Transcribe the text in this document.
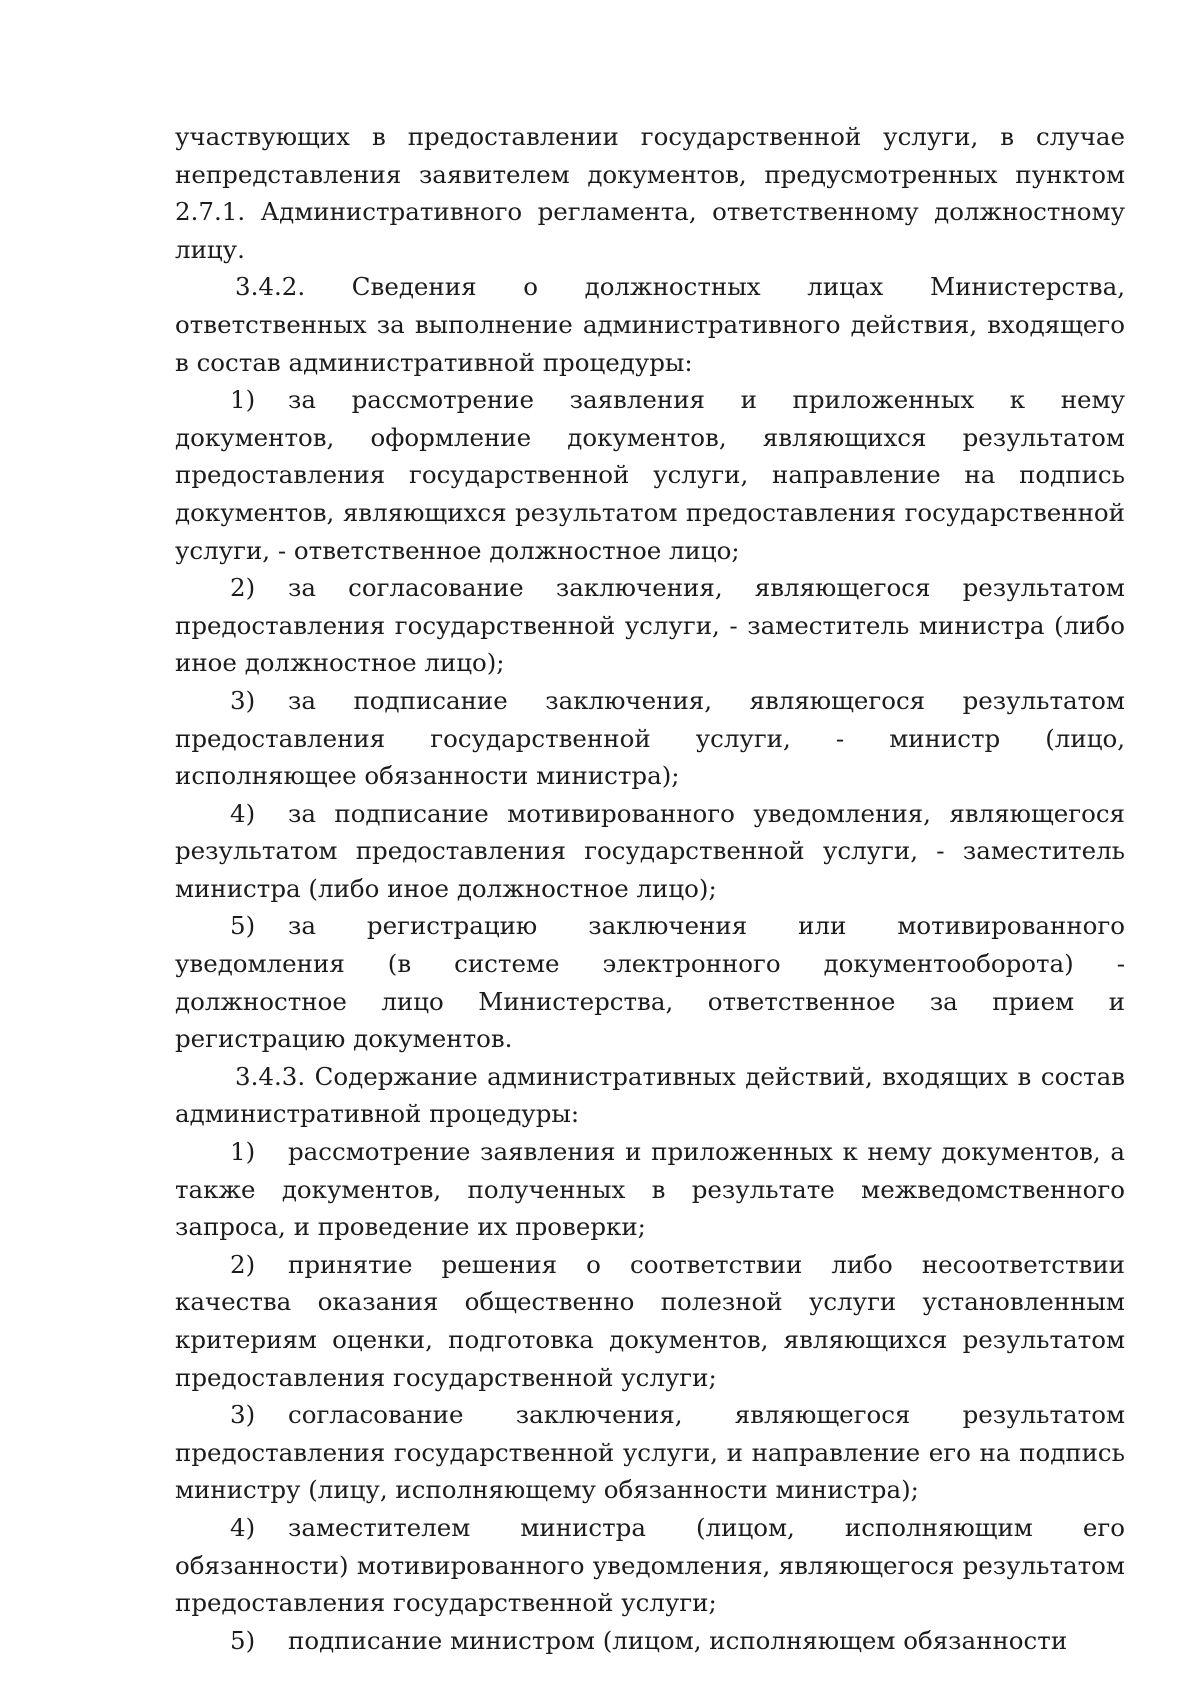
участвующих в предоставлении государственной услуги, в случае непредставления заявителем документов, предусмотренных пунктом 2.7.1. Административного регламента, ответственному должностному лицу.

3.4.2. Сведения о должностных лицах Министерства, ответственных за выполнение административного действия, входящего в состав административной процедуры:

1) за рассмотрение заявления и приложенных к нему документов, оформление документов, являющихся результатом предоставления государственной услуги, направление на подпись документов, являющихся результатом предоставления государственной услуги, - ответственное должностное лицо;

2) за согласование заключения, являющегося результатом предоставления государственной услуги, - заместитель министра (либо иное должностное лицо);

3) за подписание заключения, являющегося результатом предоставления государственной услуги, - министр (лицо, исполняющее обязанности министра);

4) за подписание мотивированного уведомления, являющегося результатом предоставления государственной услуги, - заместитель министра (либо иное должностное лицо);

5) за регистрацию заключения или мотивированного уведомления (в системе электронного документооборота) - должностное лицо Министерства, ответственное за прием и регистрацию документов.

3.4.3. Содержание административных действий, входящих в состав административной процедуры:

1) рассмотрение заявления и приложенных к нему документов, а также документов, полученных в результате межведомственного запроса, и проведение их проверки;

2) принятие решения о соответствии либо несоответствии качества оказания общественно полезной услуги установленным критериям оценки, подготовка документов, являющихся результатом предоставления государственной услуги;

3) согласование заключения, являющегося результатом предоставления государственной услуги, и направление его на подпись министру (лицу, исполняющему обязанности министра);

4) заместителем министра (лицом, исполняющим его обязанности) мотивированного уведомления, являющегося результатом предоставления государственной услуги;

5) подписание министром (лицом, исполняющем обязанности
